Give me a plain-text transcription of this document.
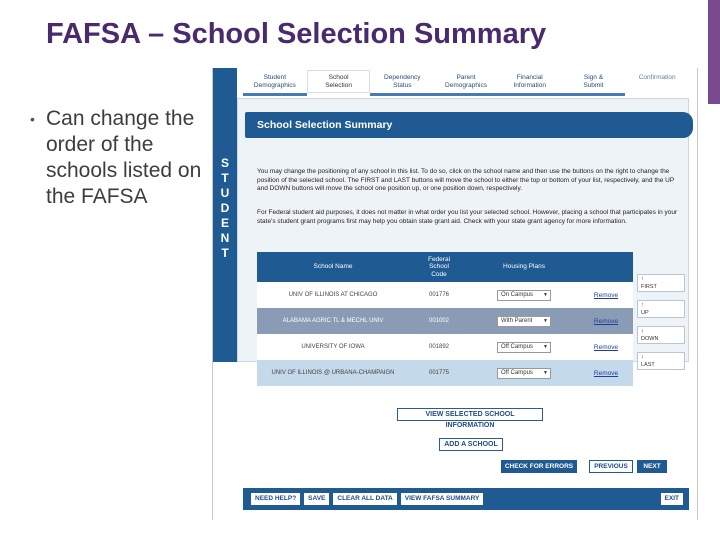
FAFSA – School Selection Summary
• Can change the order of the schools listed on the FAFSA
Student
Demographics
School
Selection
Dependency
Status
Parent
Demographics
Financial
Information
Sign &
Submit
Confirmation
S
T
U
D
E
N
T
School Selection Summary
You may change the positioning of any school in this list. To do so, click on the school name and then use the buttons on the right to change the position of the selected school. The FIRST and LAST buttons will move the school to either the top or bottom of your list, respectively, and the UP and DOWN buttons will move the school one position up, or one position down, respectively.
For Federal student aid purposes, it does not matter in what order you list your selected school. However, placing a school that participates in your state's student grant programs first may help you obtain state grant aid. Check with your state grant agency for more information.
School Name
Federal
School
Code
Housing Plans
UNIV OF ILLINOIS AT CHICAGO	001776	On Campus ▼	Remove
ALABAMA AGRIC TL & MECHL UNIV	001002	With Parent ▼	Remove
UNIVERSITY OF IOWA	001892	Off Campus ▼	Remove
UNIV OF ILLINOIS @ URBANA-CHAMPAIGN	001775	Off Campus ▼	Remove
↑
FIRST
↑
UP
↓
DOWN
↓
LAST
VIEW SELECTED SCHOOL INFORMATION
ADD A SCHOOL
CHECK FOR ERRORS	PREVIOUS	NEXT
NEED HELP?	SAVE	CLEAR ALL DATA	VIEW FAFSA SUMMARY	EXIT
